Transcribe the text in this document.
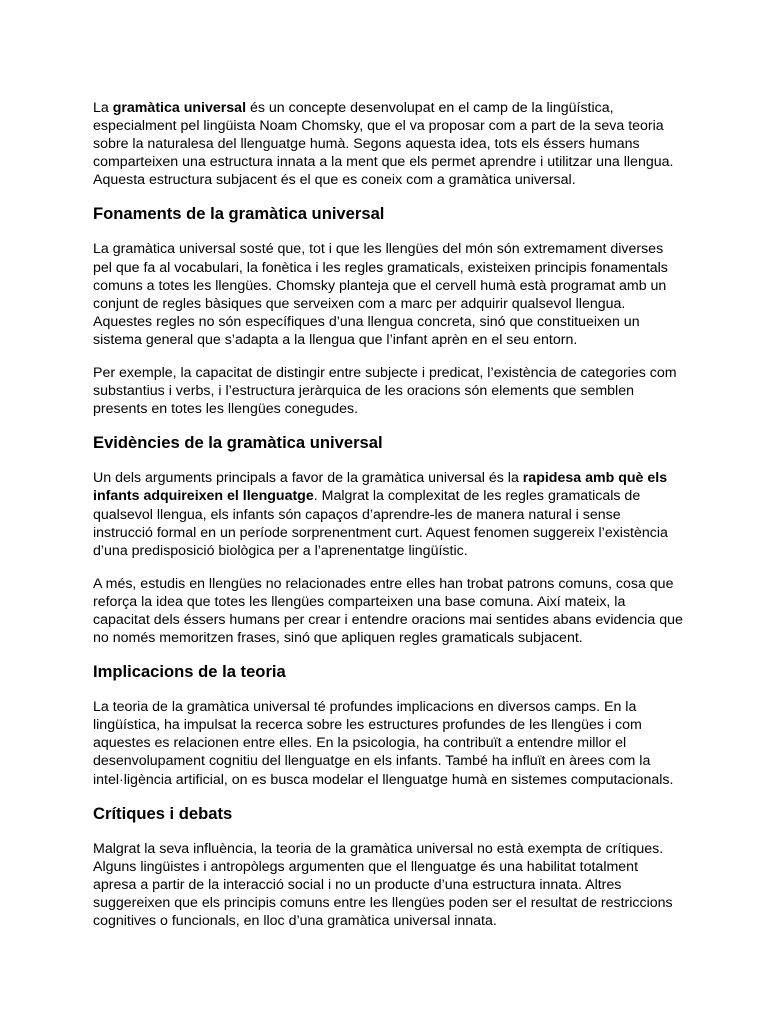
La gramàtica universal és un concepte desenvolupat en el camp de la lingüística, especialment pel lingüista Noam Chomsky, que el va proposar com a part de la seva teoria sobre la naturalesa del llenguatge humà. Segons aquesta idea, tots els éssers humans comparteixen una estructura innata a la ment que els permet aprendre i utilitzar una llengua. Aquesta estructura subjacent és el que es coneix com a gramàtica universal.

Fonaments de la gramàtica universal

La gramàtica universal sosté que, tot i que les llengües del món són extremament diverses pel que fa al vocabulari, la fonètica i les regles gramaticals, existeixen principis fonamentals comuns a totes les llengües. Chomsky planteja que el cervell humà està programat amb un conjunt de regles bàsiques que serveixen com a marc per adquirir qualsevol llengua. Aquestes regles no són específiques d’una llengua concreta, sinó que constitueixen un sistema general que s’adapta a la llengua que l’infant aprèn en el seu entorn.

Per exemple, la capacitat de distingir entre subjecte i predicat, l’existència de categories com substantius i verbs, i l’estructura jeràrquica de les oracions són elements que semblen presents en totes les llengües conegudes.

Evidències de la gramàtica universal

Un dels arguments principals a favor de la gramàtica universal és la rapidesa amb què els infants adquireixen el llenguatge. Malgrat la complexitat de les regles gramaticals de qualsevol llengua, els infants són capaços d’aprendre-les de manera natural i sense instrucció formal en un període sorprenentment curt. Aquest fenomen suggereix l’existència d’una predisposició biològica per a l’aprenentatge lingüístic.

A més, estudis en llengües no relacionades entre elles han trobat patrons comuns, cosa que reforça la idea que totes les llengües comparteixen una base comuna. Així mateix, la capacitat dels éssers humans per crear i entendre oracions mai sentides abans evidencia que no només memoritzen frases, sinó que apliquen regles gramaticals subjacent.

Implicacions de la teoria

La teoria de la gramàtica universal té profundes implicacions en diversos camps. En la lingüística, ha impulsat la recerca sobre les estructures profundes de les llengües i com aquestes es relacionen entre elles. En la psicologia, ha contribuït a entendre millor el desenvolupament cognitiu del llenguatge en els infants. També ha influït en àrees com la intel·ligència artificial, on es busca modelar el llenguatge humà en sistemes computacionals.

Crítiques i debats

Malgrat la seva influència, la teoria de la gramàtica universal no està exempta de crítiques. Alguns lingüistes i antropòlegs argumenten que el llenguatge és una habilitat totalment apresa a partir de la interacció social i no un producte d’una estructura innata. Altres suggereixen que els principis comuns entre les llengües poden ser el resultat de restriccions cognitives o funcionals, en lloc d’una gramàtica universal innata.
